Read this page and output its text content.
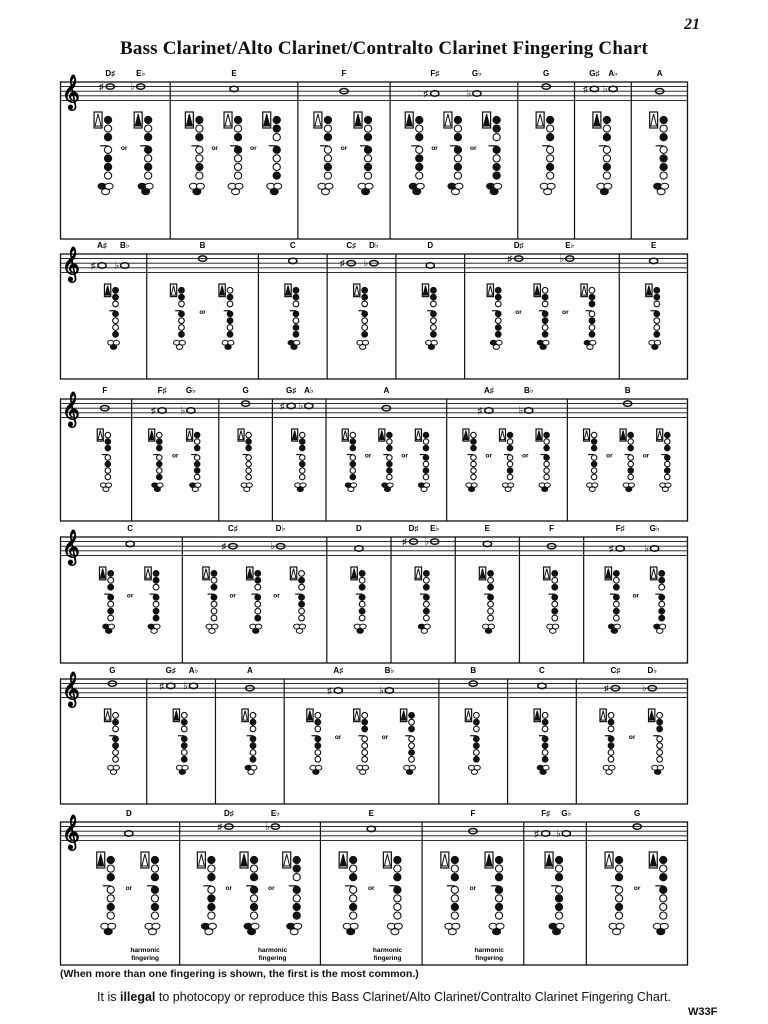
21
Bass Clarinet/Alto Clarinet/Contralto Clarinet Fingering Chart
𝄞
D♯	E♭
♯	♭
or
E
or	or
F
or
F♯	G♭
♯	♭
or	or
G	G♯ A♭
♯ ♭
A
𝄞
A♯ B♭
♯ ♭
B
or
C	C♯ D♭
♯ ♭
D	D♯	E♭
♯	♭
or	or
E
𝄞
F	F♯ G♭
♯	♭
or
G	G♯ A♭
♯ ♭
A
or	or
A♯	B♭
♯	♭
or	or
B
or	or
𝄞
C
or
C♯	D♭
♯	♭
or	or
D	D♯ E♭
♯ ♭
E	F	F♯	G♭
♯	♭
or
𝄞
G	G♯ A♭
♯ ♭
A	A♯	B♭
♯	♭
or	or
B	C	C♯	D♭
♯	♭
or
𝄞
D
or
harmonic
fingering
D♯	E♭
♯	♭
or	or
harmonic
fingering
E
or
harmonic
fingering
F
or
harmonic
fingering
F♯ G♭
♯ ♭
G
or
(When more than one fingering is shown, the first is the most common.)
It is illegal to photocopy or reproduce this Bass Clarinet/Alto Clarinet/Contralto Clarinet Fingering Chart.
W33F
